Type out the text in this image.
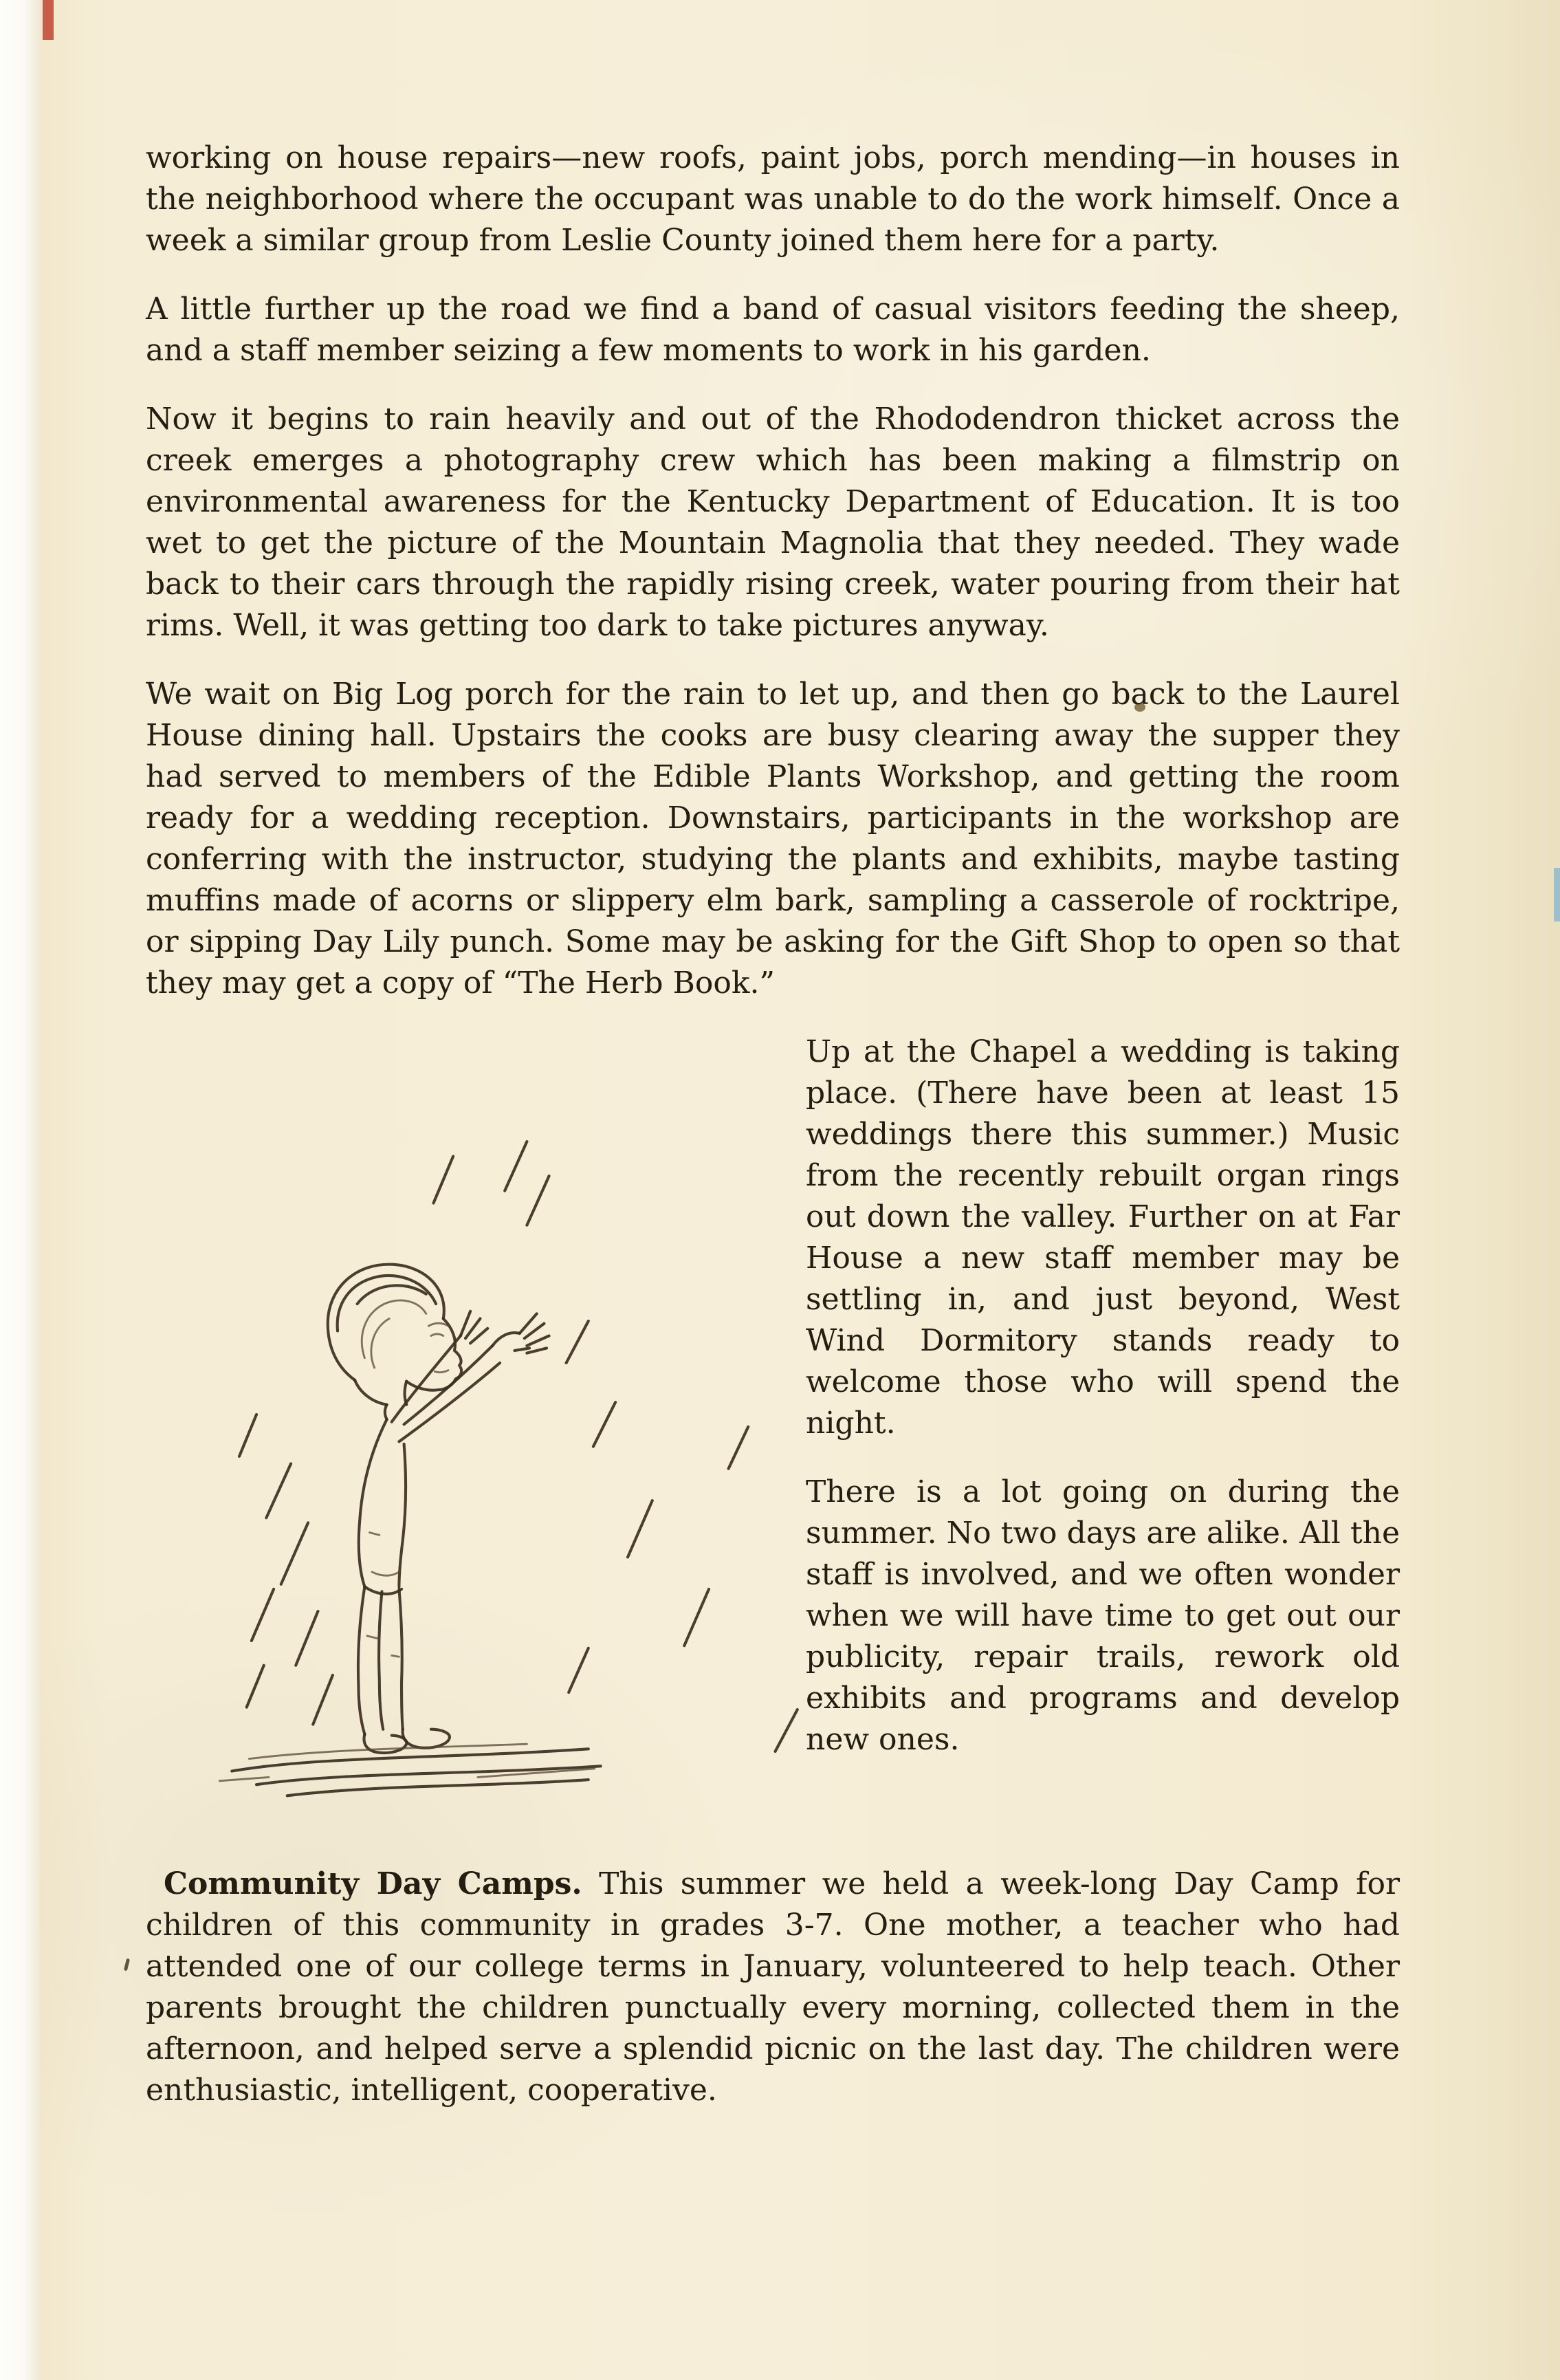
working on house repairs—new roofs, paint jobs, porch mending—in houses in the neighborhood where the occupant was unable to do the work himself. Once a week a similar group from Leslie County joined them here for a party.

A little further up the road we find a band of casual visitors feeding the sheep, and a staff member seizing a few moments to work in his garden.

Now it begins to rain heavily and out of the Rhododendron thicket across the creek emerges a photography crew which has been making a filmstrip on environmental awareness for the Kentucky Department of Education. It is too wet to get the picture of the Mountain Magnolia that they needed. They wade back to their cars through the rapidly rising creek, water pouring from their hat rims. Well, it was getting too dark to take pictures anyway.

We wait on Big Log porch for the rain to let up, and then go back to the Laurel House dining hall. Upstairs the cooks are busy clearing away the supper they had served to members of the Edible Plants Workshop, and getting the room ready for a wedding reception. Downstairs, participants in the workshop are conferring with the instructor, studying the plants and exhibits, maybe tasting muffins made of acorns or slippery elm bark, sampling a casserole of rocktripe, or sipping Day Lily punch. Some may be asking for the Gift Shop to open so that they may get a copy of “The Herb Book.”

Up at the Chapel a wedding is taking place. (There have been at least 15 weddings there this summer.) Music from the recently rebuilt organ rings out down the valley. Further on at Far House a new staff member may be settling in, and just beyond, West Wind Dormitory stands ready to welcome those who will spend the night.

There is a lot going on during the summer. No two days are alike. All the staff is involved, and we often wonder when we will have time to get out our publicity, repair trails, rework old exhibits and programs and develop new ones.

Community Day Camps. This summer we held a week-long Day Camp for children of this community in grades 3-7. One mother, a teacher who had attended one of our college terms in January, volunteered to help teach. Other parents brought the children punctually every morning, collected them in the afternoon, and helped serve a splendid picnic on the last day. The children were enthusiastic, intelligent, cooperative.
